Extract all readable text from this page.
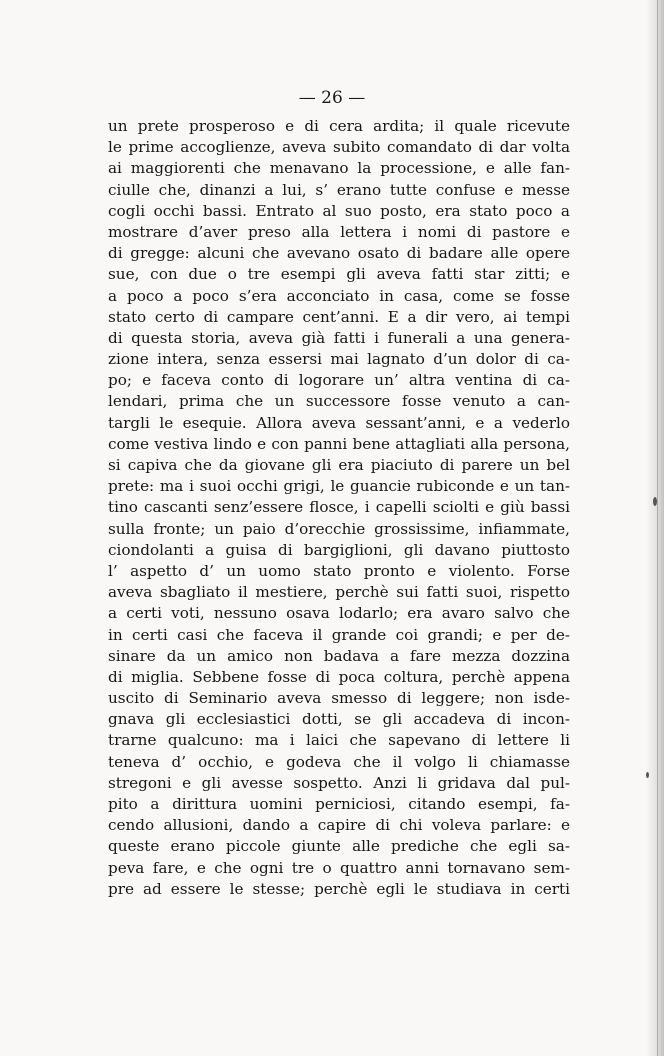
— 26 —
un prete prosperoso e di cera ardita; il quale ricevute
le prime accoglienze, aveva subito comandato di dar volta
ai maggiorenti che menavano la processione, e alle fan-
ciulle che, dinanzi a lui, s’ erano tutte confuse e messe
cogli occhi bassi. Entrato al suo posto, era stato poco a
mostrare d’aver preso alla lettera i nomi di pastore e
di gregge: alcuni che avevano osato di badare alle opere
sue, con due o tre esempi gli aveva fatti star zitti; e
a poco a poco s’era acconciato in casa, come se fosse
stato certo di campare cent’anni. E a dir vero, ai tempi
di questa storia, aveva già fatti i funerali a una genera-
zione intera, senza essersi mai lagnato d’un dolor di ca-
po; e faceva conto di logorare un’ altra ventina di ca-
lendari, prima che un successore fosse venuto a can-
targli le esequie. Allora aveva sessant’anni, e a vederlo
come vestiva lindo e con panni bene attagliati alla persona,
si capiva che da giovane gli era piaciuto di parere un bel
prete: ma i suoi occhi grigi, le guancie rubiconde e un tan-
tino cascanti senz’essere flosce, i capelli sciolti e giù bassi
sulla fronte; un paio d’orecchie grossissime, infiammate,
ciondolanti a guisa di bargiglioni, gli davano piuttosto
l’ aspetto d’ un uomo stato pronto e violento. Forse
aveva sbagliato il mestiere, perchè sui fatti suoi, rispetto
a certi voti, nessuno osava lodarlo; era avaro salvo che
in certi casi che faceva il grande coi grandi; e per de-
sinare da un amico non badava a fare mezza dozzina
di miglia. Sebbene fosse di poca coltura, perchè appena
uscito di Seminario aveva smesso di leggere; non isde-
gnava gli ecclesiastici dotti, se gli accadeva di incon-
trarne qualcuno: ma i laici che sapevano di lettere li
teneva d’ occhio, e godeva che il volgo li chiamasse
stregoni e gli avesse sospetto. Anzi li gridava dal pul-
pito a dirittura uomini perniciosi, citando esempi, fa-
cendo allusioni, dando a capire di chi voleva parlare: e
queste erano piccole giunte alle prediche che egli sa-
peva fare, e che ogni tre o quattro anni tornavano sem-
pre ad essere le stesse; perchè egli le studiava in certi
